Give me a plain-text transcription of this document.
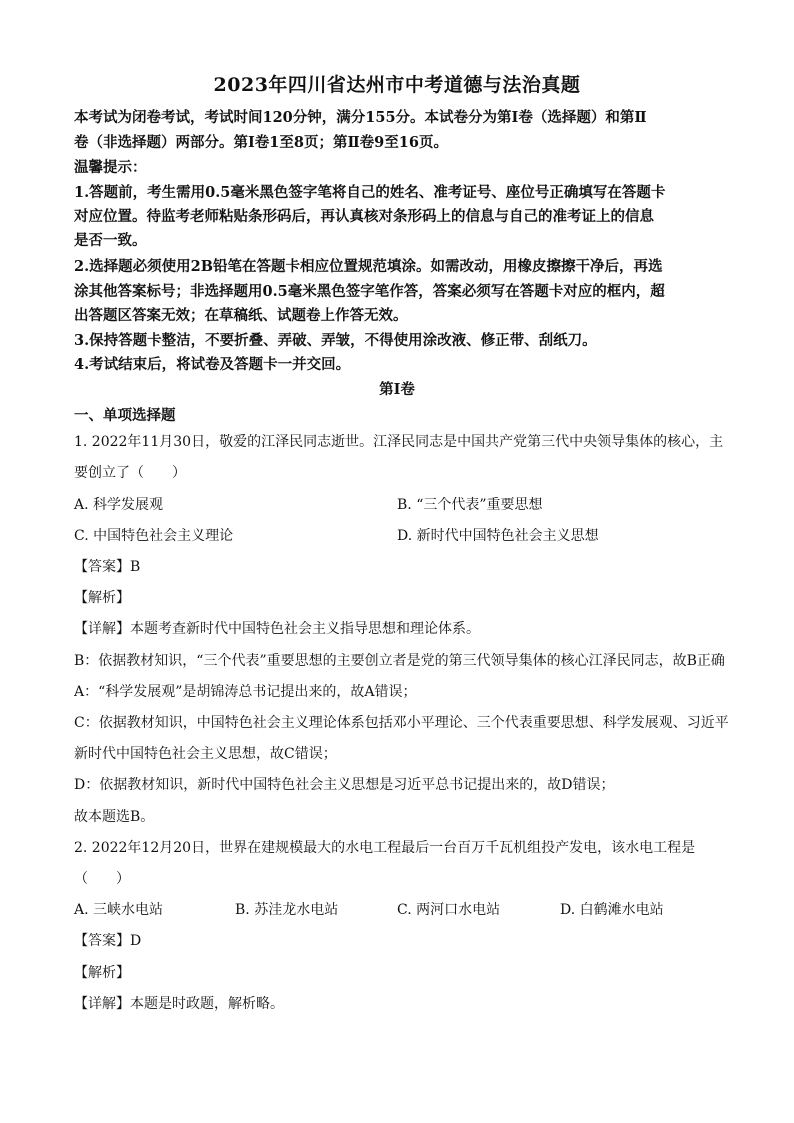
2023年四川省达州市中考道德与法治真题
本考试为闭卷考试，考试时间120分钟，满分155分。本试卷分为第Ⅰ卷（选择题）和第Ⅱ
卷（非选择题）两部分。第Ⅰ卷1至8页；第Ⅱ卷9至16页。
温馨提示：
1.答题前，考生需用0.5毫米黑色签字笔将自己的姓名、准考证号、座位号正确填写在答题卡
对应位置。待监考老师粘贴条形码后，再认真核对条形码上的信息与自己的准考证上的信息
是否一致。
2.选择题必须使用2B铅笔在答题卡相应位置规范填涂。如需改动，用橡皮擦擦干净后，再选
涂其他答案标号；非选择题用0.5毫米黑色签字笔作答，答案必须写在答题卡对应的框内，超
出答题区答案无效；在草稿纸、试题卷上作答无效。
3.保持答题卡整洁，不要折叠、弄破、弄皱，不得使用涂改液、修正带、刮纸刀。
4.考试结束后，将试卷及答题卡一并交回。
第Ⅰ卷
一、单项选择题
1. 2022年11月30日，敬爱的江泽民同志逝世。江泽民同志是中国共产党第三代中央领导集体的核心，主
要创立了（　　）
A. 科学发展观	B. “三个代表”重要思想
C. 中国特色社会主义理论	D. 新时代中国特色社会主义思想
【答案】B
【解析】
【详解】本题考查新时代中国特色社会主义指导思想和理论体系。
B：依据教材知识，“三个代表”重要思想的主要创立者是党的第三代领导集体的核心江泽民同志，故B正确
A：“科学发展观”是胡锦涛总书记提出来的，故A错误；
C：依据教材知识，中国特色社会主义理论体系包括邓小平理论、三个代表重要思想、科学发展观、习近平
新时代中国特色社会主义思想，故C错误；
D：依据教材知识，新时代中国特色社会主义思想是习近平总书记提出来的，故D错误；
故本题选B。
2. 2022年12月20日，世界在建规模最大的水电工程最后一台百万千瓦机组投产发电，该水电工程是
（　　）
A. 三峡水电站	B. 苏洼龙水电站	C. 两河口水电站	D. 白鹤滩水电站
【答案】D
【解析】
【详解】本题是时政题，解析略。
